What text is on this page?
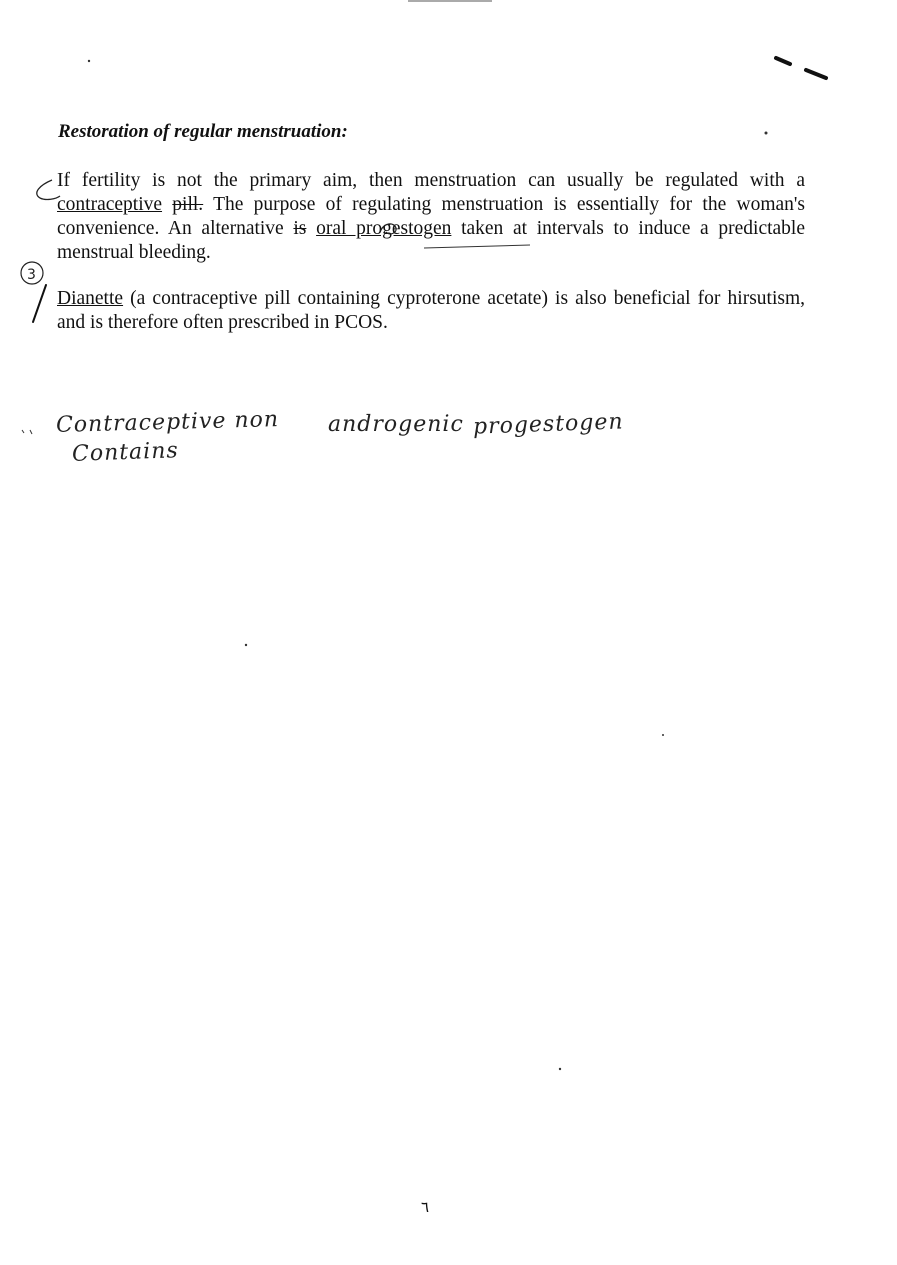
Restoration of regular menstruation:

If fertility is not the primary aim, then menstruation can usually be regulated with a contraceptive pill. The purpose of regulating menstruation is essentially for the woman's convenience. An alternative is oral progestogen taken at intervals to induce a predictable menstrual bleeding.

Dianette (a contraceptive pill containing cyproterone acetate) is also beneficial for hirsutism, and is therefore often prescribed in PCOS.

Contraceptive non
Contains
androgenic progestogen
3
٦
